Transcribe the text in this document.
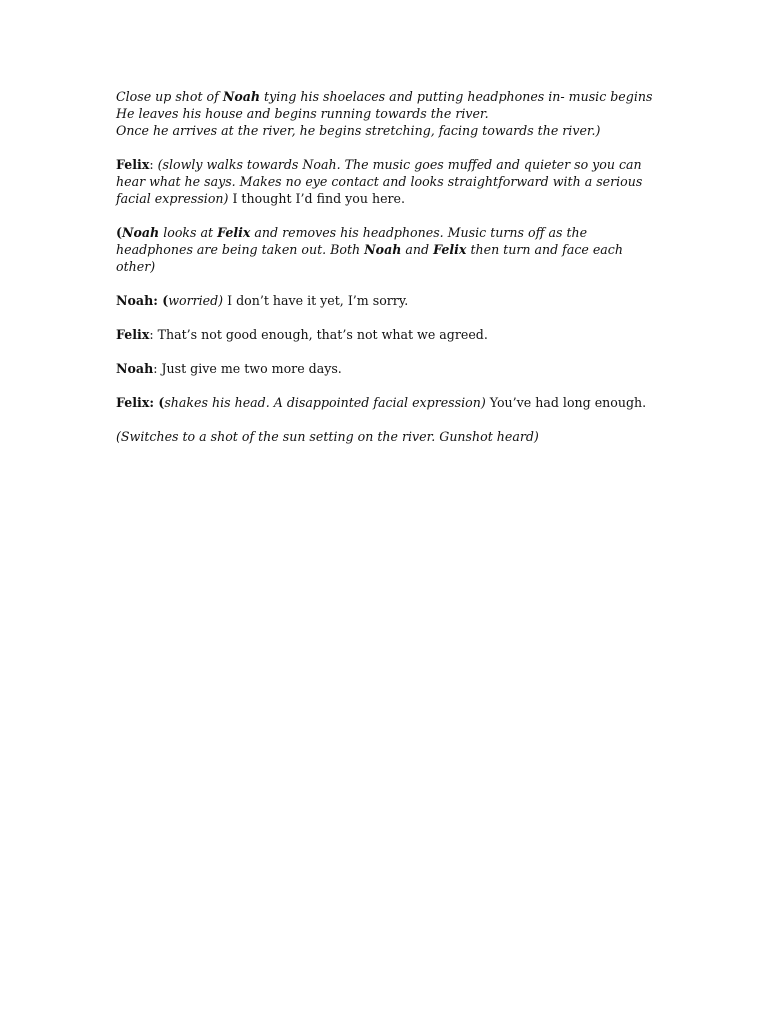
Close up shot of Noah tying his shoelaces and putting headphones in- music begins
He leaves his house and begins running towards the river.
Once he arrives at the river, he begins stretching, facing towards the river.)

Felix: (slowly walks towards Noah. The music goes muffed and quieter so you can
hear what he says. Makes no eye contact and looks straightforward with a serious
facial expression) I thought I’d find you here.

(Noah looks at Felix and removes his headphones. Music turns off as the
headphones are being taken out. Both Noah and Felix then turn and face each
other)

Noah: (worried) I don’t have it yet, I’m sorry.

Felix: That’s not good enough, that’s not what we agreed.

Noah: Just give me two more days.

Felix: (shakes his head. A disappointed facial expression) You’ve had long enough.

(Switches to a shot of the sun setting on the river. Gunshot heard)
